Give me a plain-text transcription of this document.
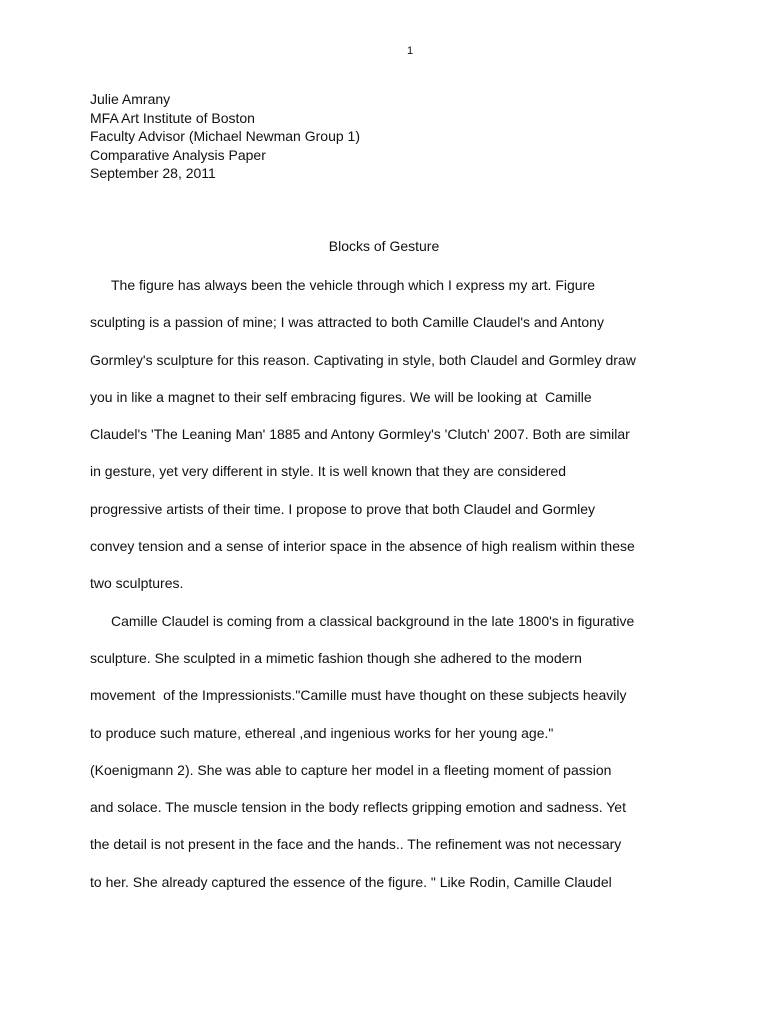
1
Julie Amrany
MFA Art Institute of Boston
Faculty Advisor (Michael Newman Group 1)
Comparative Analysis Paper
September 28, 2011
Blocks of Gesture
The figure has always been the vehicle through which I express my art. Figure
sculpting is a passion of mine; I was attracted to both Camille Claudel's and Antony
Gormley's sculpture for this reason. Captivating in style, both Claudel and Gormley draw
you in like a magnet to their self embracing figures. We will be looking at  Camille
Claudel's 'The Leaning Man' 1885 and Antony Gormley's 'Clutch' 2007. Both are similar
in gesture, yet very different in style. It is well known that they are considered
progressive artists of their time. I propose to prove that both Claudel and Gormley
convey tension and a sense of interior space in the absence of high realism within these
two sculptures.
Camille Claudel is coming from a classical background in the late 1800's in figurative
sculpture. She sculpted in a mimetic fashion though she adhered to the modern
movement  of the Impressionists."Camille must have thought on these subjects heavily
to produce such mature, ethereal ,and ingenious works for her young age."
(Koenigmann 2). She was able to capture her model in a fleeting moment of passion
and solace. The muscle tension in the body reflects gripping emotion and sadness. Yet
the detail is not present in the face and the hands.. The refinement was not necessary
to her. She already captured the essence of the figure. " Like Rodin, Camille Claudel
